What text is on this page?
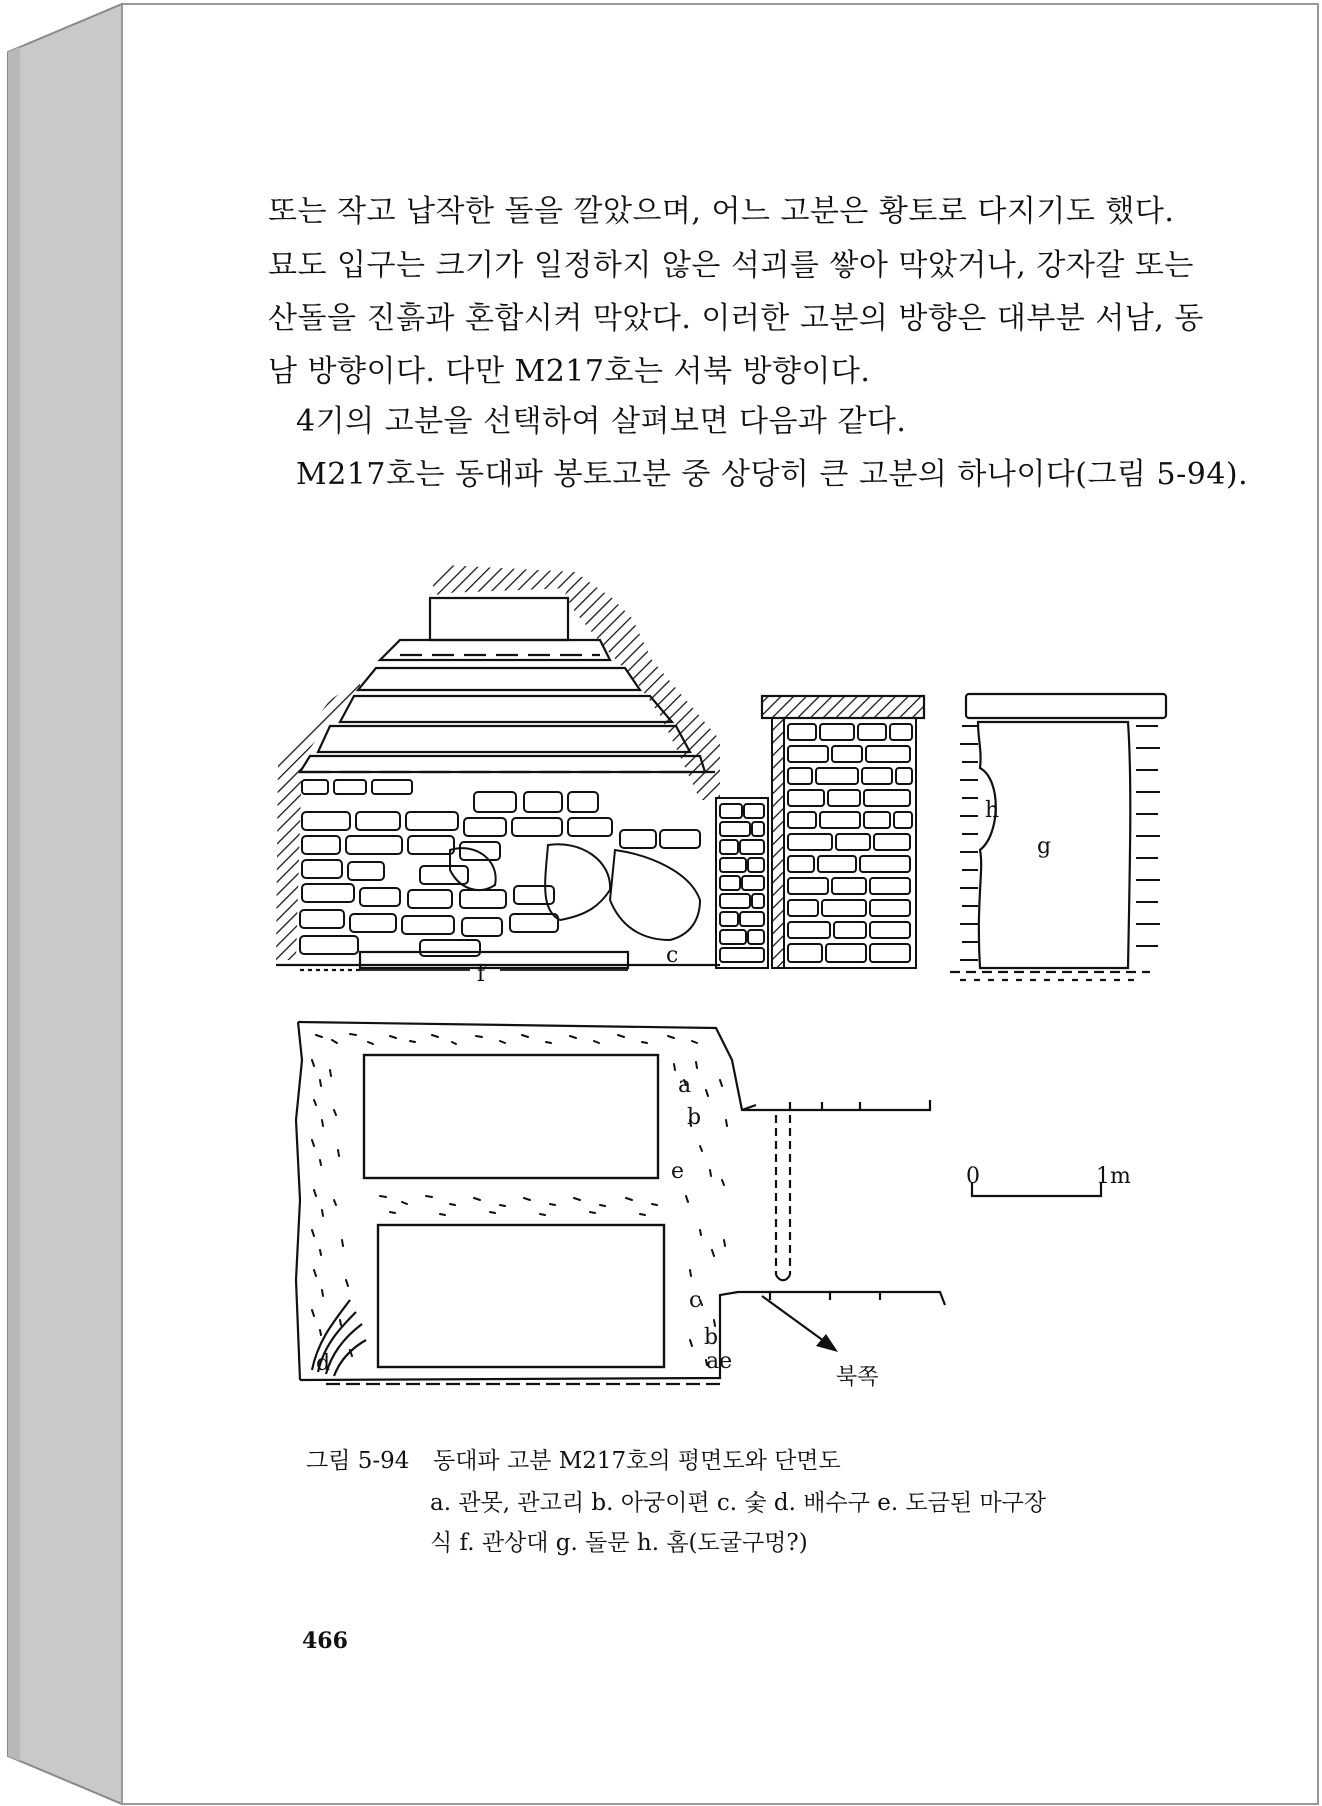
f
c
h
g
a
b
e
c
b
ae
d
0	1m
북쪽
또는 작고 납작한 돌을 깔았으며, 어느 고분은 황토로 다지기도 했다.
묘도 입구는 크기가 일정하지 않은 석괴를 쌓아 막았거나, 강자갈 또는
산돌을 진흙과 혼합시켜 막았다. 이러한 고분의 방향은 대부분 서남, 동
남 방향이다. 다만 M217호는 서북 방향이다.
4기의 고분을 선택하여 살펴보면 다음과 같다.
M217호는 동대파 봉토고분 중 상당히 큰 고분의 하나이다(그림 5-94).
그림 5-94 동대파 고분 M217호의 평면도와 단면도
a. 관못, 관고리 b. 아궁이편 c. 숯 d. 배수구 e. 도금된 마구장
식 f. 관상대 g. 돌문 h. 홈(도굴구멍?)
466
